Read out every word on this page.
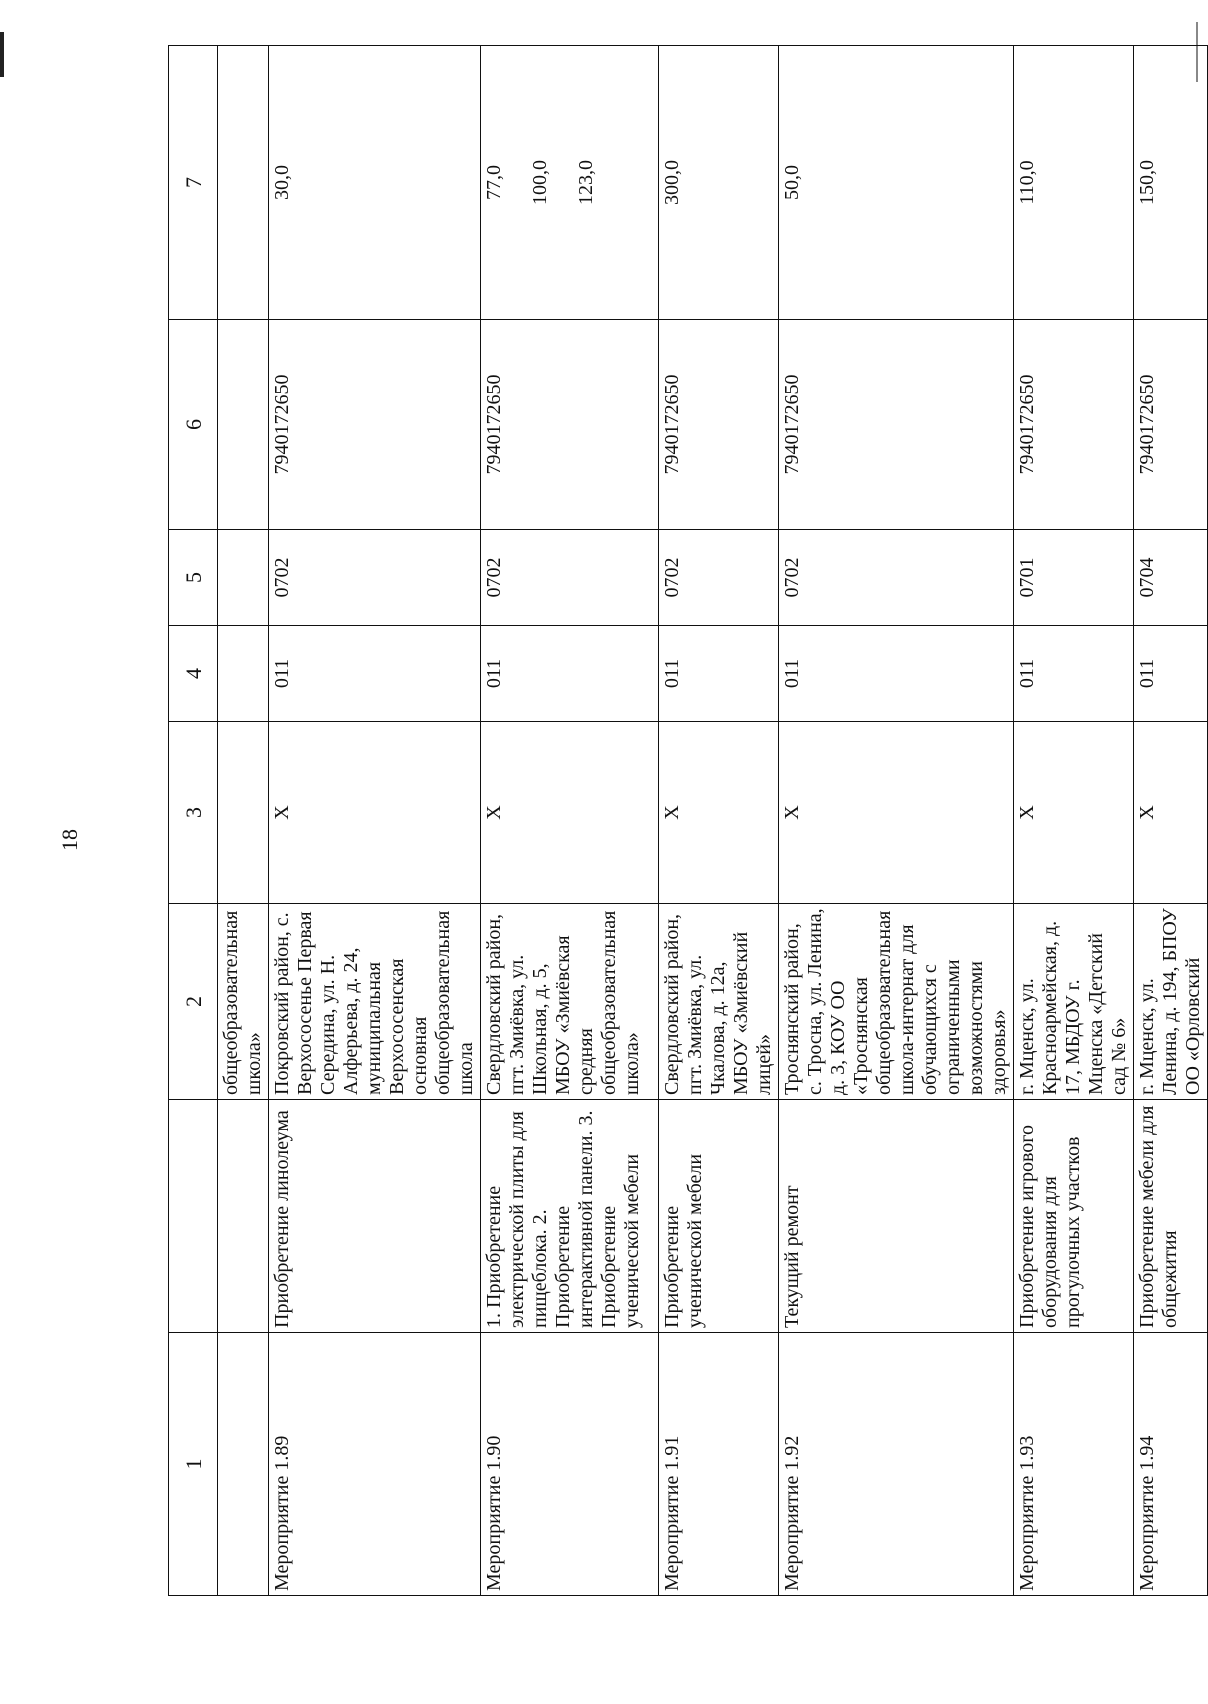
18
1		2	3	4	5	6	7
		общеобразовательная школа»					
Мероприятие 1.89	Приобретение линолеума	Покровский район, с. Верхососенье Первая Середина, ул. Н. Алферьева, д. 24, муниципальная Верхососенская основная общеобразовательная школа	X	011	0702	7940172650	30,0
Мероприятие 1.90	1. Приобретение электрической плиты для пищеблока. 2. Приобретение интерактивной панели. 3. Приобретение ученической мебели	Свердловский район, пгт. Змиёвка, ул. Школьная, д. 5, МБОУ «Змиёвская средняя общеобразовательная школа»	X	011	0702	7940172650	77,0 100,0 123,0

Мероприятие 1.91	Приобретение ученической мебели	Свердловский район, пгт. Змиёвка, ул. Чкалова, д. 12а, МБОУ «Змиёвский лицей»	X	011	0702	7940172650	300,0
Мероприятие 1.92	Текущий ремонт	Троснянский район, с. Тросна, ул. Ленина, д. 3, КОУ ОО «Троснянская общеобразовательная школа-интернат для обучающихся с ограниченными возможностями здоровья»	X	011	0702	7940172650	50,0
Мероприятие 1.93	Приобретение игрового оборудования для прогулочных участков	г. Мценск, ул. Красноармейская, д. 17, МБДОУ г. Мценска «Детский сад № 6»	X	011	0701	7940172650	110,0
Мероприятие 1.94	Приобретение мебели для общежития	г. Мценск, ул. Ленина, д. 194, БПОУ ОО «Орловский	X	011	0704	7940172650	150,0
